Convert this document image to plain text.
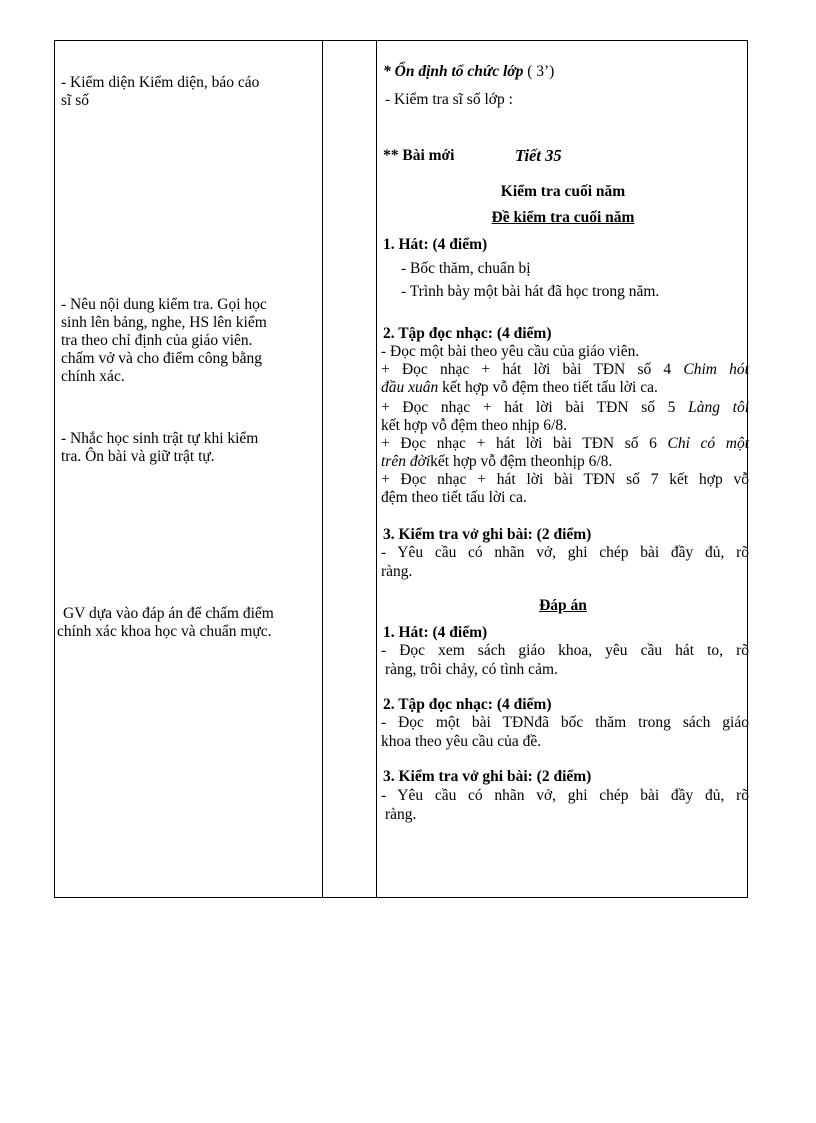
- Kiểm diện Kiểm diện, báo cáo
sĩ số
- Nêu nội dung kiểm tra. Gọi học
sinh lên bảng, nghe, HS lên kiểm
tra theo chỉ định của giáo viên.
chấm vở và cho điểm công bằng
chính xác.
- Nhắc học sinh trật tự khi kiểm
tra. Ôn bài và giữ trật tự.
GV dựa vào đáp án để chấm điểm
chính xác khoa học và chuẩn mực.
* Ổn định tổ chức lớp ( 3’)
- Kiểm tra sĩ số lớp :
** Bài mới	Tiết 35
Kiểm tra cuối năm
Đề kiểm tra cuối năm
1. Hát: (4 điểm)
- Bốc thăm, chuẩn bị
- Trình bày một bài hát đã học trong năm.
2. Tập đọc nhạc: (4 điểm)
- Đọc một bài theo yêu cầu của giáo viên.
+ Đọc nhạc + hát lời bài TĐN số 4 Chim hót
đầu xuân kết hợp vỗ đệm theo tiết tấu lời ca.
+ Đọc nhạc + hát lời bài TĐN số 5 Làng tôi
kết hợp vỗ đệm theo nhịp 6/8.
+ Đọc nhạc + hát lời bài TĐN số 6 Chỉ có một
trên đờikết hợp vỗ đệm theonhịp 6/8.
+ Đọc nhạc + hát lời bài TĐN số 7 kết hợp vỗ
đệm theo tiết tấu lời ca.
3. Kiểm tra vở ghi bài: (2 điểm)
- Yêu cầu có nhãn vở, ghi chép bài đầy đủ, rõ
ràng.
Đáp án
1. Hát: (4 điểm)
- Đọc xem sách giáo khoa, yêu cầu hát to, rõ
ràng, trôi chảy, có tình cảm.
2. Tập đọc nhạc: (4 điểm)
- Đọc một bài TĐNđã bốc thăm trong sách giáo
khoa theo yêu cầu của đề.
3. Kiểm tra vở ghi bài: (2 điểm)
- Yêu cầu có nhãn vở, ghi chép bài đầy đủ, rõ
ràng.
